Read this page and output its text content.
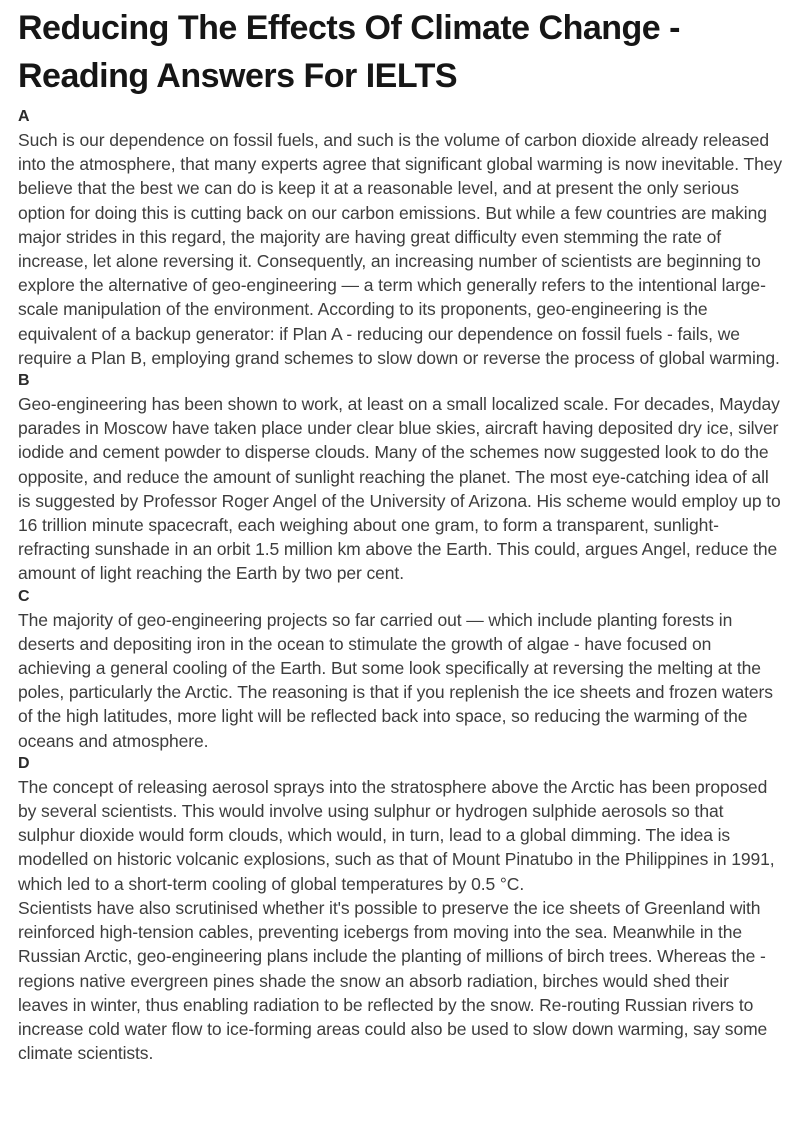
Reducing The Effects Of Climate Change - Reading Answers For IELTS
A

Such is our dependence on fossil fuels, and such is the volume of carbon dioxide already released into the atmosphere, that many experts agree that significant global warming is now inevitable. They believe that the best we can do is keep it at a reasonable level, and at present the only serious option for doing this is cutting back on our carbon emissions. But while a few countries are making major strides in this regard, the majority are having great difficulty even stemming the rate of increase, let alone reversing it. Consequently, an increasing number of scientists are beginning to explore the alternative of geo-engineering — a term which generally refers to the intentional large-scale manipulation of the environment. According to its proponents, geo-engineering is the equivalent of a backup generator: if Plan A - reducing our dependence on fossil fuels - fails, we require a Plan B, employing grand schemes to slow down or reverse the process of global warming.

B

Geo-engineering has been shown to work, at least on a small localized scale. For decades, Mayday parades in Moscow have taken place under clear blue skies, aircraft having deposited dry ice, silver iodide and cement powder to disperse clouds. Many of the schemes now suggested look to do the opposite, and reduce the amount of sunlight reaching the planet. The most eye-catching idea of all is suggested by Professor Roger Angel of the University of Arizona. His scheme would employ up to 16 trillion minute spacecraft, each weighing about one gram, to form a transparent, sunlight-refracting sunshade in an orbit 1.5 million km above the Earth. This could, argues Angel, reduce the amount of light reaching the Earth by two per cent.

C

The majority of geo-engineering projects so far carried out — which include planting forests in deserts and depositing iron in the ocean to stimulate the growth of algae - have focused on achieving a general cooling of the Earth. But some look specifically at reversing the melting at the poles, particularly the Arctic. The reasoning is that if you replenish the ice sheets and frozen waters of the high latitudes, more light will be reflected back into space, so reducing the warming of the oceans and atmosphere.

D

The concept of releasing aerosol sprays into the stratosphere above the Arctic has been proposed by several scientists. This would involve using sulphur or hydrogen sulphide aerosols so that sulphur dioxide would form clouds, which would, in turn, lead to a global dimming. The idea is modelled on historic volcanic explosions, such as that of Mount Pinatubo in the Philippines in 1991, which led to a short-term cooling of global temperatures by 0.5 °C.

Scientists have also scrutinised whether it's possible to preserve the ice sheets of Greenland with reinforced high-tension cables, preventing icebergs from moving into the sea. Meanwhile in the Russian Arctic, geo-engineering plans include the planting of millions of birch trees. Whereas the -regions native evergreen pines shade the snow an absorb radiation, birches would shed their leaves in winter, thus enabling radiation to be reflected by the snow. Re-routing Russian rivers to increase cold water flow to ice-forming areas could also be used to slow down warming, say some climate scientists.
